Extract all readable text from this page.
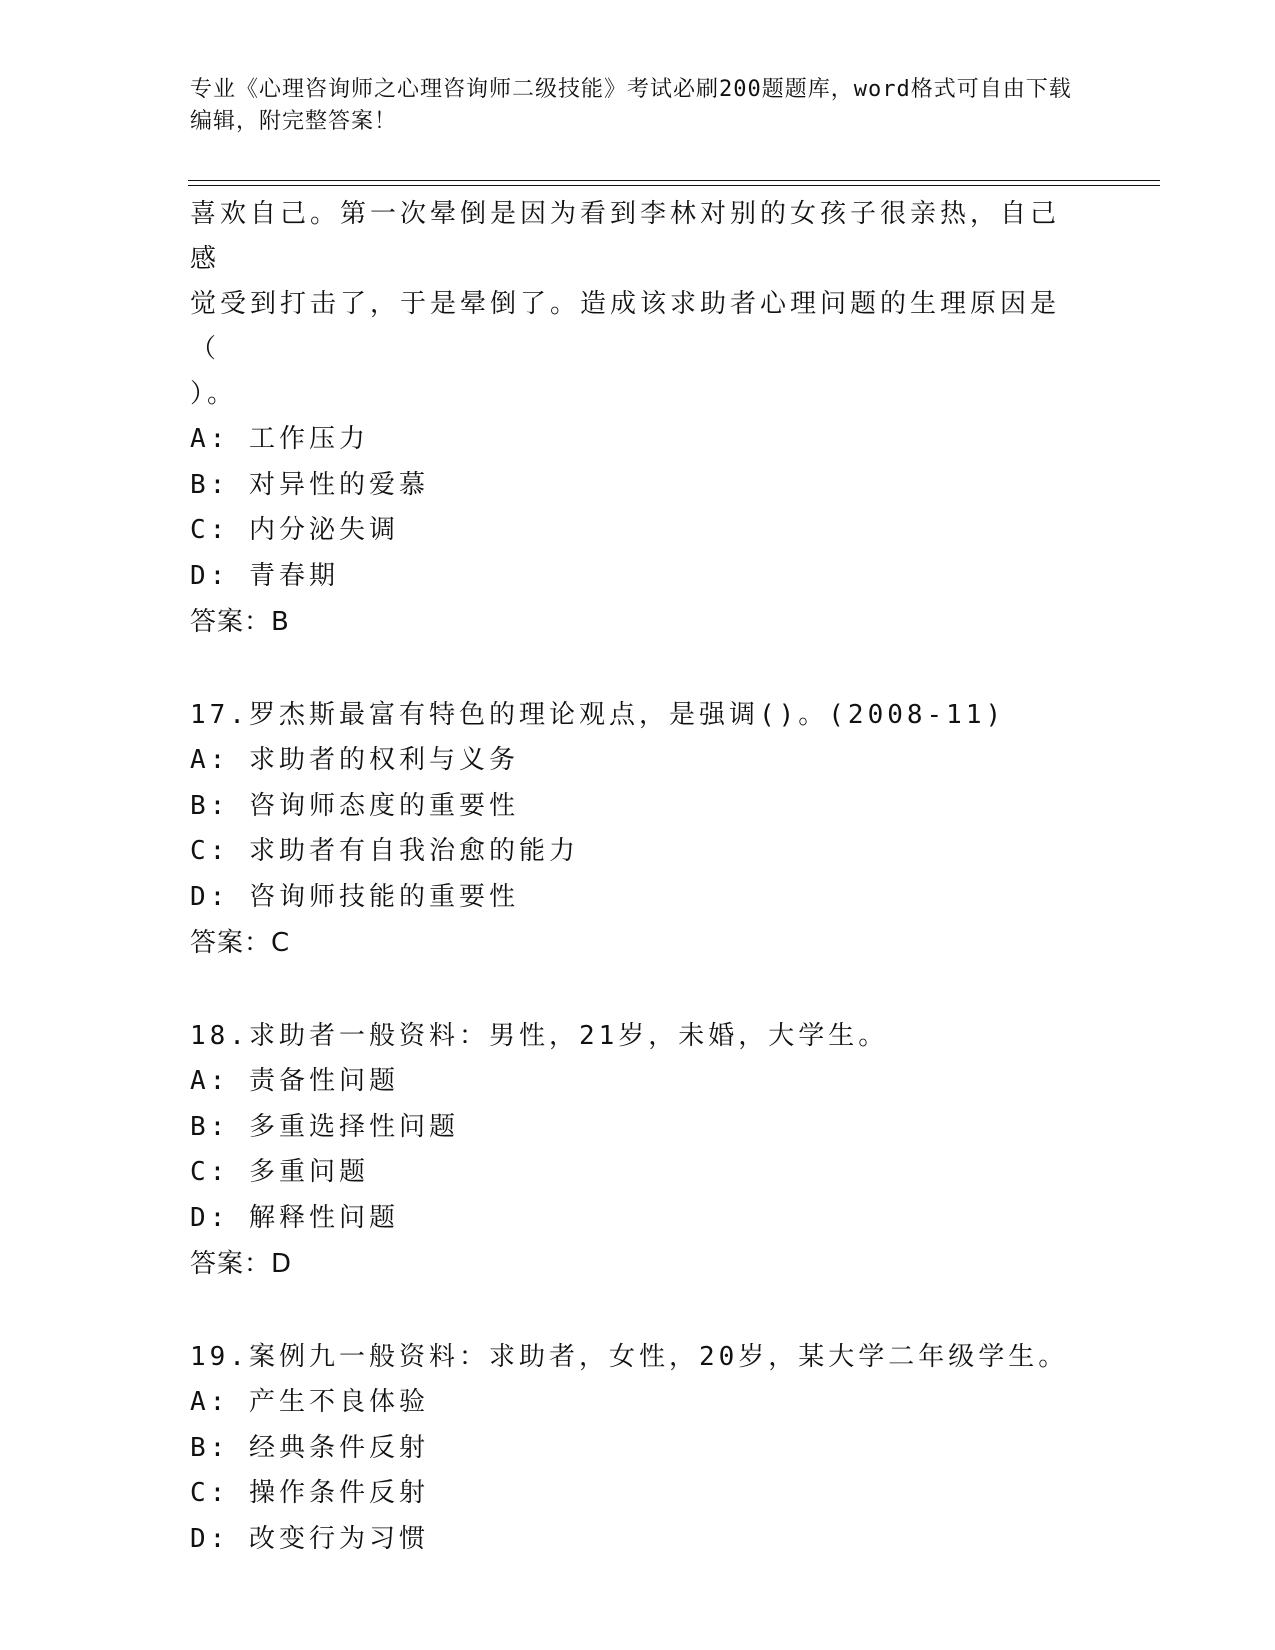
专业《心理咨询师之心理咨询师二级技能》考试必刷200题题库，word格式可自由下载编辑，附完整答案！

喜欢自己。第一次晕倒是因为看到李林对别的女孩子很亲热，自己感

觉受到打击了，于是晕倒了。造成该求助者心理问题的生理原因是（

）。

A: 工作压力

B: 对异性的爱慕

C: 内分泌失调

D: 青春期

答案：B

17.罗杰斯最富有特色的理论观点，是强调()。(2008-11)

A: 求助者的权利与义务

B: 咨询师态度的重要性

C: 求助者有自我治愈的能力

D: 咨询师技能的重要性

答案：C

18.求助者一般资料：男性，21岁，未婚，大学生。

A: 责备性问题

B: 多重选择性问题

C: 多重问题

D: 解释性问题

答案：D

19.案例九一般资料：求助者，女性，20岁，某大学二年级学生。

A: 产生不良体验

B: 经典条件反射

C: 操作条件反射

D: 改变行为习惯
